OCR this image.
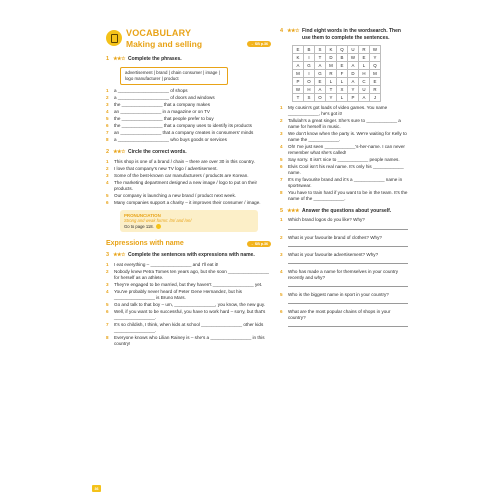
VOCABULARY
Making and selling	→ SB p.36
1 ★★☆ Complete the phrases.
advertisement | brand | chain consumer | image | logo manufacturer | product
1	a ____________________ of shops
2	a ____________________ of doors and windows
3	the ________________ that a company makes
4	an ________________ in a magazine or on TV
5	the ________________ that people prefer to buy
6	the ________________ that a company uses to identify its products
7	an ________________ that a company creates in consumers' minds
8	a ____________________ who buys goods or services
2 ★★☆ Circle the correct words.
1	This shop is one of a brand / chain – there are over 30 in this country.
2	I love that company's new TV logo / advertisement.
3	Some of the best-known car manufacturers / products are Korean.
4	The marketing department designed a new image / logo to put on their products.
5	Our company is launching a new brand / product next week.
6	Many companies support a charity – it improves their consumer / image.
PRONUNCIATION
Strong and weak forms: /tn/ and /ən/
Go to page 118.
Expressions with name	→ SB p.36
3 ★★☆ Complete the sentences with expressions with name.
1	I eat everything – ________________ and I'll eat it!
2	Nobody knew Petra Tomes ten years ago, but she soon ________________ for herself as an athlete.
3	They're engaged to be married, but they haven't ________________ yet.
4	You've probably never heard of Peter Gene Hernandez, but his ________________ is Bruno Mars.
5	Go and talk to that boy – um, ________________, you know, the new guy.
6	Well, if you want to be successful, you have to work hard – sorry, but that's ________________.
7	It's so childish, I think, when kids at school ________________ other kids ________________.
8	Everyone knows who Lilian Rainey is – she's a ________________ in this country!
4 ★★☆ Find eight words in the wordsearch. Then use them to complete the sentences.
E	B	S	K	Q	U	R	W
K	I	T	D	B	W	E	Y
A	G	A	M	E	A	L	Q
M	I	G	R	F	D	H	M
P	O	E	L	L	A	C	E
W	H	A	T	X	Y	U	R
T	S	O	Y	L	P	A	J
1	My cousin's got loads of video games. You name ____________, he's got it!
2	Tallulah's a great singer. She's sure to ____________ a name for herself in music.
3	We don't know when the party is. We're waiting for Kelly to name the ____________.
4	Oh! I've just seen ____________'s-her-name. I can never remember what she's called!
5	Say sorry. It isn't nice to ____________ people names.
6	Elvis Cool isn't his real name. It's only his ____________ name.
7	It's my favourite brand and it's a ____________ name in sportswear.
8	You have to train hard if you want to be in the team. It's the name of the ____________.
5 ★★★ Answer the questions about yourself.
1	Which brand logos do you like? Why?
2	What is your favourite brand of clothes? Why?
3	What is your favourite advertisement? Why?
4	Who has made a name for themselves in your country recently and why?
5	Who is the biggest name in sport in your country?
6	What are the most popular chains of shops in your country?
36
